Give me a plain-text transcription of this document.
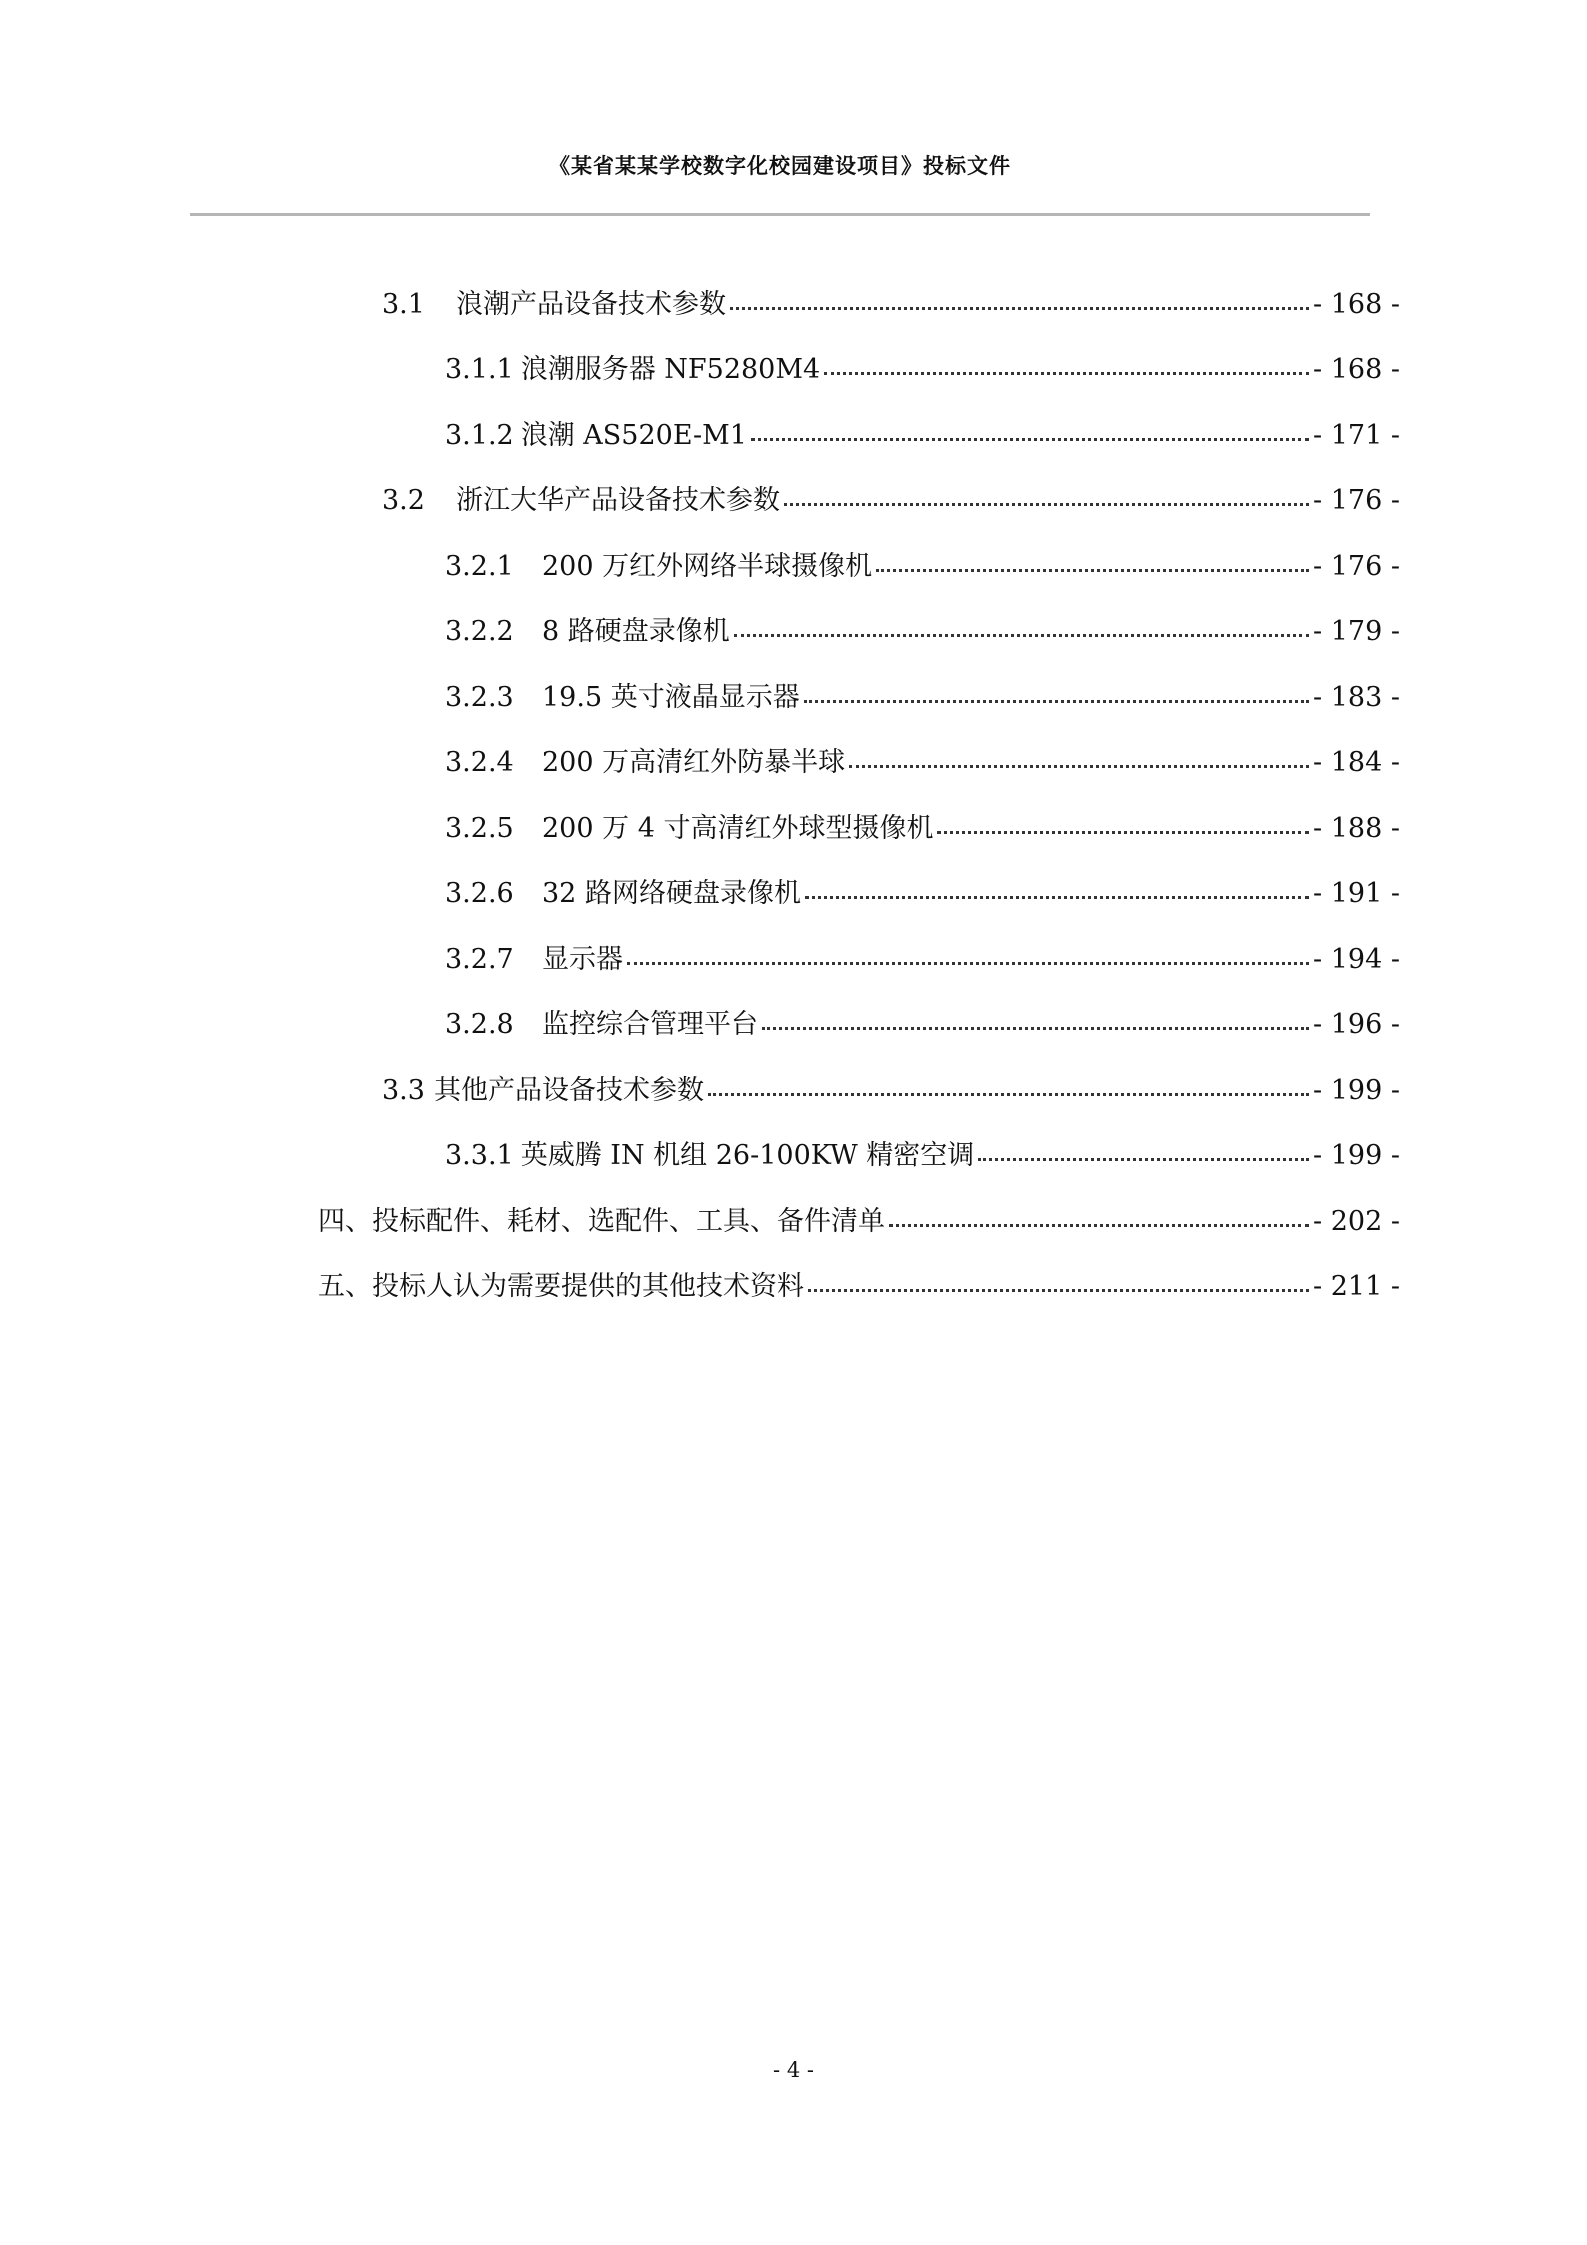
《某省某某学校数字化校园建设项目》投标文件
3.1	浪潮产品设备技术参数	- 168 -
3.1.1 浪潮服务器 NF5280M4	- 168 -
3.1.2 浪潮 AS520E-M1	- 171 -
3.2	浙江大华产品设备技术参数	- 176 -
3.2.1	200 万红外网络半球摄像机	- 176 -
3.2.2	8 路硬盘录像机	- 179 -
3.2.3	19.5 英寸液晶显示器	- 183 -
3.2.4	200 万高清红外防暴半球	- 184 -
3.2.5	200 万 4 寸高清红外球型摄像机	- 188 -
3.2.6	32 路网络硬盘录像机	- 191 -
3.2.7	显示器	- 194 -
3.2.8	监控综合管理平台	- 196 -
3.3 其他产品设备技术参数	- 199 -
3.3.1 英威腾 IN 机组 26-100KW 精密空调	- 199 -
四、投标配件、耗材、选配件、工具、备件清单	- 202 -
五、投标人认为需要提供的其他技术资料	- 211 -
- 4 -
